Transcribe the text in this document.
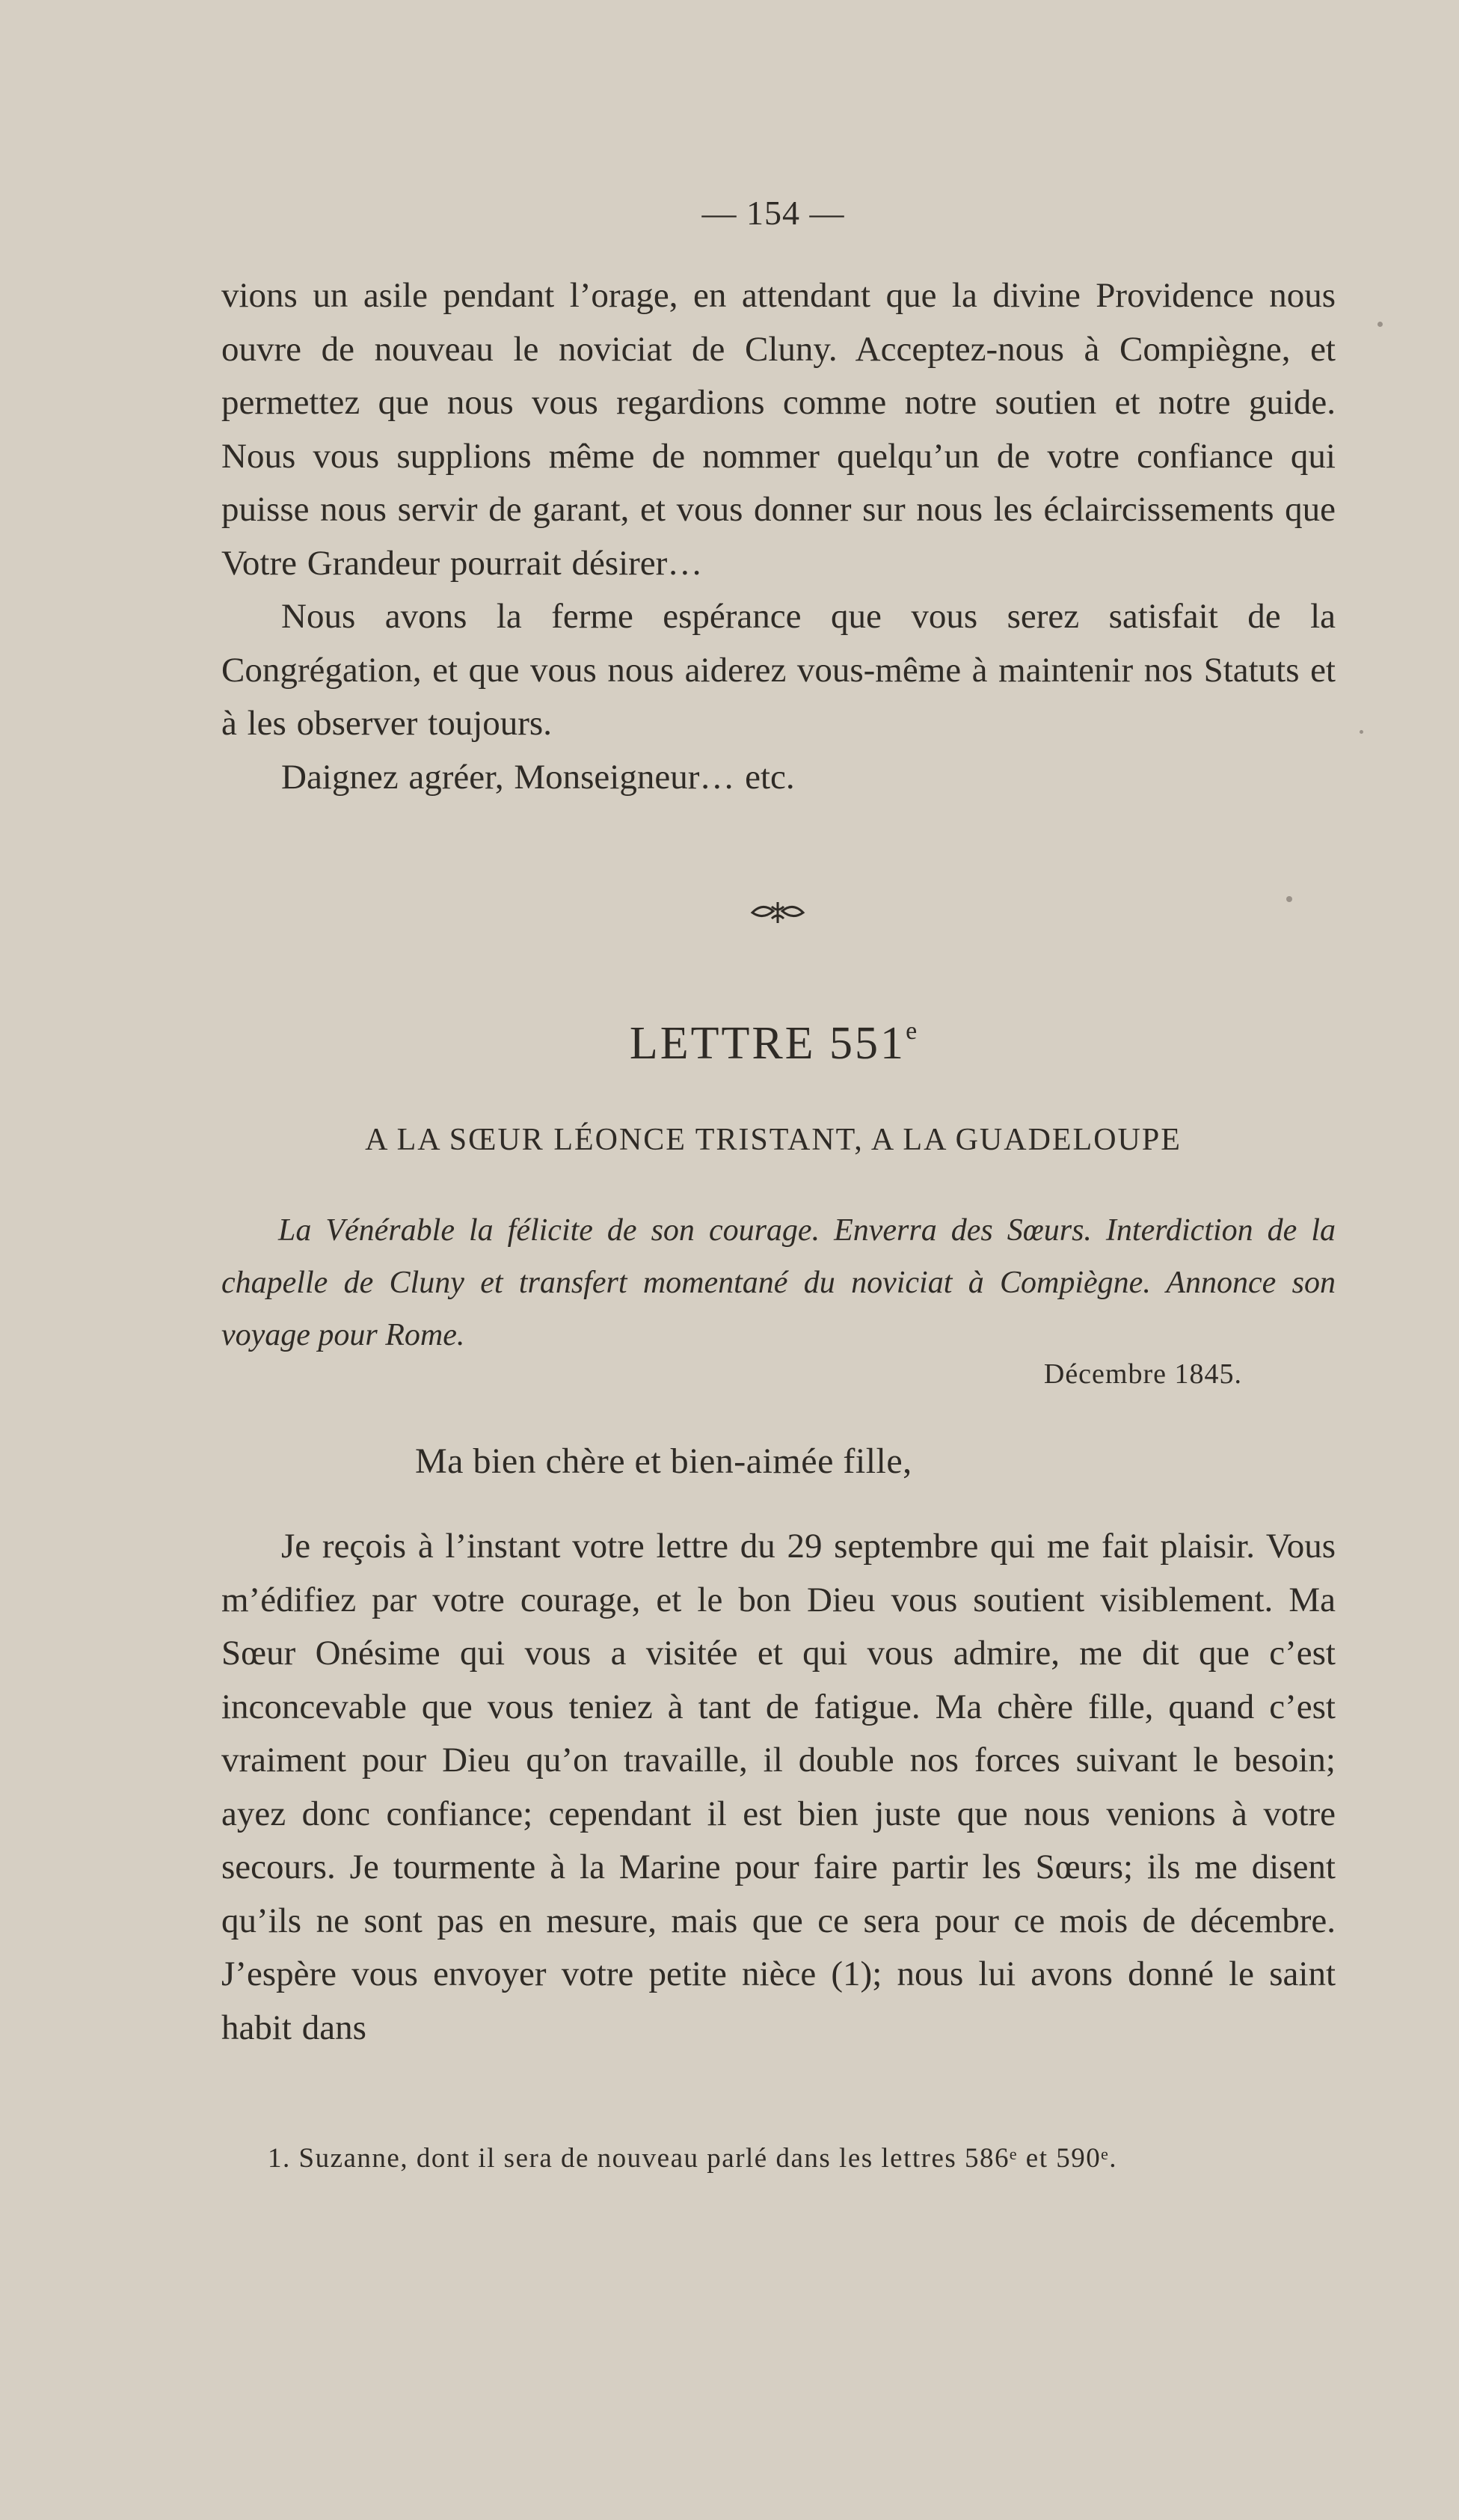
— 154 —

vions un asile pendant l’orage, en attendant que la divine Providence nous ouvre de nouveau le noviciat de Cluny. Acceptez-nous à Compiègne, et permettez que nous vous regardions comme notre soutien et notre guide. Nous vous supplions même de nommer quelqu’un de votre confiance qui puisse nous servir de garant, et vous donner sur nous les éclaircissements que Votre Grandeur pourrait désirer…

Nous avons la ferme espérance que vous serez satisfait de la Congrégation, et que vous nous aiderez vous-même à maintenir nos Statuts et à les observer toujours.

Daignez agréer, Monseigneur… etc.

LETTRE 551e
A LA SŒUR LÉONCE TRISTANT, A LA GUADELOUPE

La Vénérable la félicite de son courage. Enverra des Sœurs. Interdiction de la chapelle de Cluny et transfert momentané du noviciat à Compiègne. Annonce son voyage pour Rome.

Décembre 1845.
Ma bien chère et bien-aimée fille,

Je reçois à l’instant votre lettre du 29 septembre qui me fait plaisir. Vous m’édifiez par votre courage, et le bon Dieu vous soutient visiblement. Ma Sœur Onésime qui vous a visitée et qui vous admire, me dit que c’est inconcevable que vous teniez à tant de fatigue. Ma chère fille, quand c’est vraiment pour Dieu qu’on travaille, il double nos forces suivant le besoin; ayez donc confiance; cependant il est bien juste que nous venions à votre secours. Je tourmente à la Marine pour faire partir les Sœurs; ils me disent qu’ils ne sont pas en mesure, mais que ce sera pour ce mois de décembre. J’espère vous envoyer votre petite nièce (1); nous lui avons donné le saint habit dans

1. Suzanne, dont il sera de nouveau parlé dans les lettres 586ᵉ et 590ᵉ.
